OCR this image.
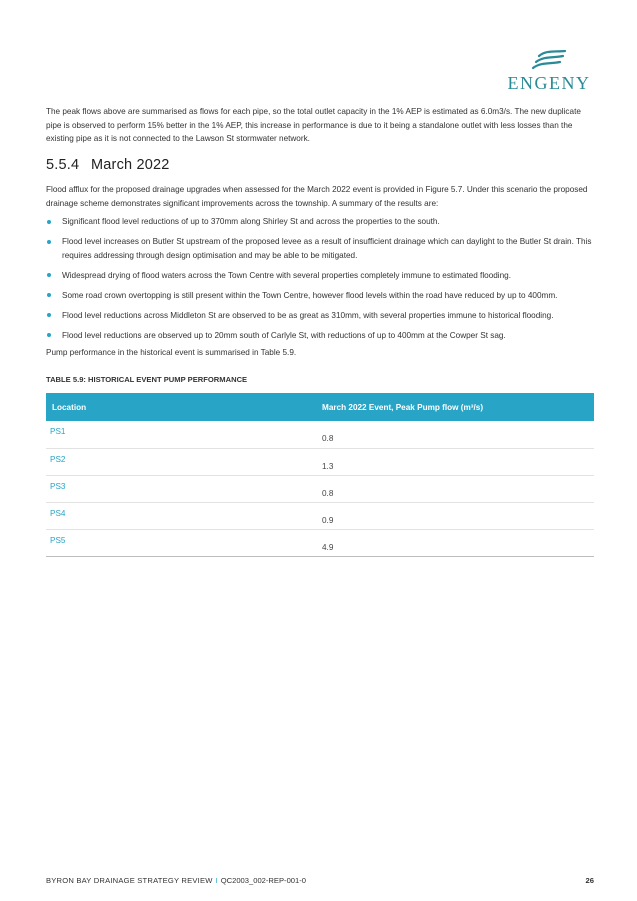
ENGENY

The peak flows above are summarised as flows for each pipe, so the total outlet capacity in the 1% AEP is estimated as 6.0m3/s. The new duplicate pipe is observed to perform 15% better in the 1% AEP, this increase in performance is due to it being a standalone outlet with less losses than the existing pipe as it is not connected to the Lawson St stormwater network.

5.5.4 March 2022

Flood afflux for the proposed drainage upgrades when assessed for the March 2022 event is provided in Figure 5.7. Under this scenario the proposed drainage scheme demonstrates significant improvements across the township. A summary of the results are:

Significant flood level reductions of up to 370mm along Shirley St and across the properties to the south.
Flood level increases on Butler St upstream of the proposed levee as a result of insufficient drainage which can daylight to the Butler St drain. This requires addressing through design optimisation and may be able to be mitigated.
Widespread drying of flood waters across the Town Centre with several properties completely immune to estimated flooding.
Some road crown overtopping is still present within the Town Centre, however flood levels within the road have reduced by up to 400mm.
Flood level reductions across Middleton St are observed to be as great as 310mm, with several properties immune to historical flooding.
Flood level reductions are observed up to 20mm south of Carlyle St, with reductions of up to 400mm at the Cowper St sag.

Pump performance in the historical event is summarised in Table 5.9.

TABLE 5.9: HISTORICAL EVENT PUMP PERFORMANCE

Location	March 2022 Event, Peak Pump flow (m³/s)
PS1	0.8
PS2	1.3
PS3	0.8
PS4	0.9
PS5	4.9
BYRON BAY DRAINAGE STRATEGY REVIEW I QC2003_002-REP-001-0	26
